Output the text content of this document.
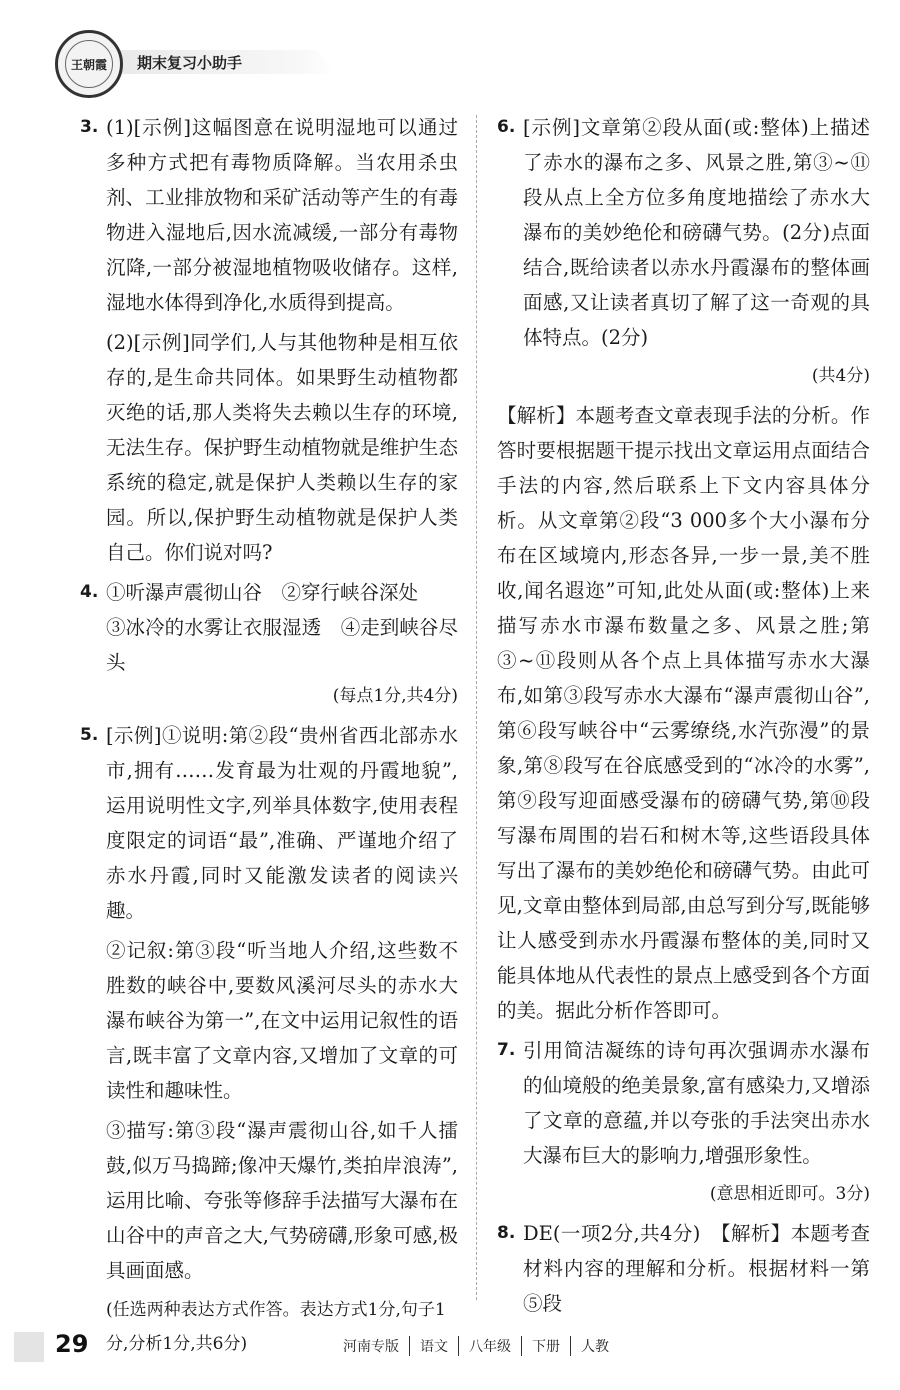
期末复习小助手
王朝霞
3. (1)[示例]这幅图意在说明湿地可以通过多种方式把有毒物质降解。当农用杀虫剂、工业排放物和采矿活动等产生的有毒物进入湿地后,因水流减缓,一部分有毒物沉降,一部分被湿地植物吸收储存。这样,湿地水体得到净化,水质得到提高。

(2)[示例]同学们,人与其他物种是相互依存的,是生命共同体。如果野生动植物都灭绝的话,那人类将失去赖以生存的环境,无法生存。保护野生动植物就是维护生态系统的稳定,就是保护人类赖以生存的家园。所以,保护野生动植物就是保护人类自己。你们说对吗?

4. ①听瀑声震彻山谷　②穿行峡谷深处

③冰冷的水雾让衣服湿透　④走到峡谷尽头

(每点1分,共4分)

5. [示例]①说明:第②段“贵州省西北部赤水市,拥有……发育最为壮观的丹霞地貌”,运用说明性文字,列举具体数字,使用表程度限定的词语“最”,准确、严谨地介绍了赤水丹霞,同时又能激发读者的阅读兴趣。

②记叙:第③段“听当地人介绍,这些数不胜数的峡谷中,要数风溪河尽头的赤水大瀑布峡谷为第一”,在文中运用记叙性的语言,既丰富了文章内容,又增加了文章的可读性和趣味性。

③描写:第③段“瀑声震彻山谷,如千人擂鼓,似万马捣蹄;像冲天爆竹,类拍岸浪涛”,运用比喻、夸张等修辞手法描写大瀑布在山谷中的声音之大,气势磅礴,形象可感,极具画面感。

(任选两种表达方式作答。表达方式1分,句子1分,分析1分,共6分)

6. [示例]文章第②段从面(或:整体)上描述了赤水的瀑布之多、风景之胜,第③~⑪段从点上全方位多角度地描绘了赤水大瀑布的美妙绝伦和磅礴气势。(2分)点面结合,既给读者以赤水丹霞瀑布的整体画面感,又让读者真切了解了这一奇观的具体特点。(2分)

(共4分)

【解析】本题考查文章表现手法的分析。作答时要根据题干提示找出文章运用点面结合手法的内容,然后联系上下文内容具体分析。从文章第②段“3 000多个大小瀑布分布在区域境内,形态各异,一步一景,美不胜收,闻名遐迩”可知,此处从面(或:整体)上来描写赤水市瀑布数量之多、风景之胜;第③~⑪段则从各个点上具体描写赤水大瀑布,如第③段写赤水大瀑布“瀑声震彻山谷”,第⑥段写峡谷中“云雾缭绕,水汽弥漫”的景象,第⑧段写在谷底感受到的“冰冷的水雾”,第⑨段写迎面感受瀑布的磅礴气势,第⑩段写瀑布周围的岩石和树木等,这些语段具体写出了瀑布的美妙绝伦和磅礴气势。由此可见,文章由整体到局部,由总写到分写,既能够让人感受到赤水丹霞瀑布整体的美,同时又能具体地从代表性的景点上感受到各个方面的美。据此分析作答即可。

7. 引用简洁凝练的诗句再次强调赤水瀑布的仙境般的绝美景象,富有感染力,又增添了文章的意蕴,并以夸张的手法突出赤水大瀑布巨大的影响力,增强形象性。

(意思相近即可。3分)

8. DE(一项2分,共4分)　【解析】本题考查材料内容的理解和分析。根据材料一第⑤段

29	河南专版	语文	八年级	下册	人教
